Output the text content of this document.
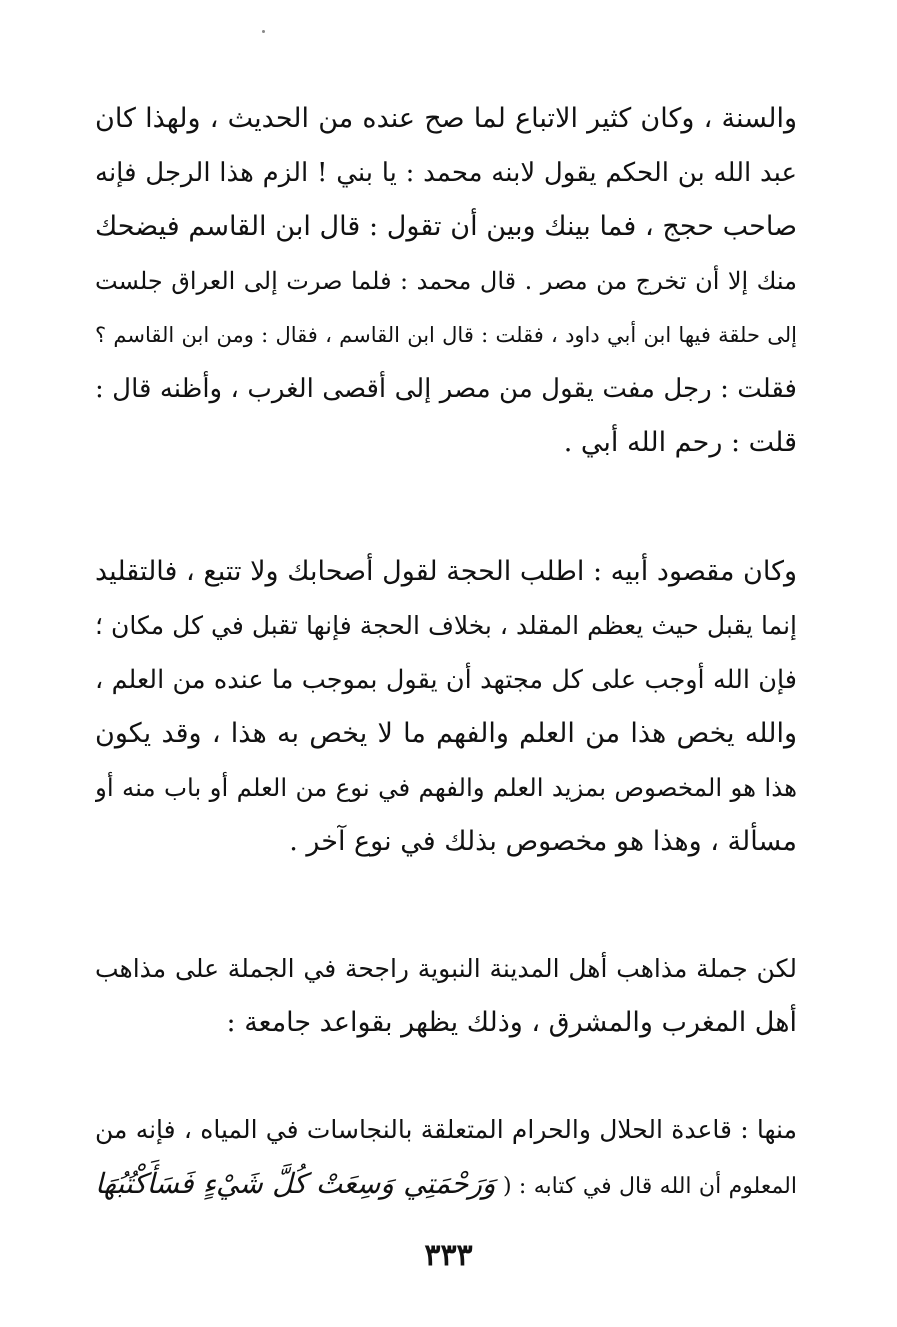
والسنة ، وكان كثير الاتباع لما صح عنده من الحديث ، ولهذا كان
عبد الله بن الحكم يقول لابنه محمد : يا بني ! الزم هذا الرجل فإنه
صاحب حجج ، فما بينك وبين أن تقول : قال ابن القاسم فيضحك
منك إلا أن تخرج من مصر . قال محمد : فلما صرت إلى العراق جلست
إلى حلقة فيها ابن أبي داود ، فقلت : قال ابن القاسم ، فقال : ومن ابن القاسم ؟
فقلت : رجل مفت يقول من مصر إلى أقصى الغرب ، وأظنه قال :
قلت : رحم الله أبي .
وكان مقصود أبيه : اطلب الحجة لقول أصحابك ولا تتبع ، فالتقليد
إنما يقبل حيث يعظم المقلد ، بخلاف الحجة فإنها تقبل في كل مكان ؛
فإن الله أوجب على كل مجتهد أن يقول بموجب ما عنده من العلم ،
والله يخص هذا من العلم والفهم ما لا يخص به هذا ، وقد يكون
هذا هو المخصوص بمزيد العلم والفهم في نوع من العلم أو باب منه أو
مسألة ، وهذا هو مخصوص بذلك في نوع آخر .
لكن جملة مذاهب أهل المدينة النبوية راجحة في الجملة على مذاهب
أهل المغرب والمشرق ، وذلك يظهر بقواعد جامعة :
منها : قاعدة الحلال والحرام المتعلقة بالنجاسات في المياه ، فإنه من
المعلوم أن الله قال في كتابه : ( وَرَحْمَتِي وَسِعَتْ كُلَّ شَيْءٍ فَسَأَكْتُبُهَا
٣٣٣
